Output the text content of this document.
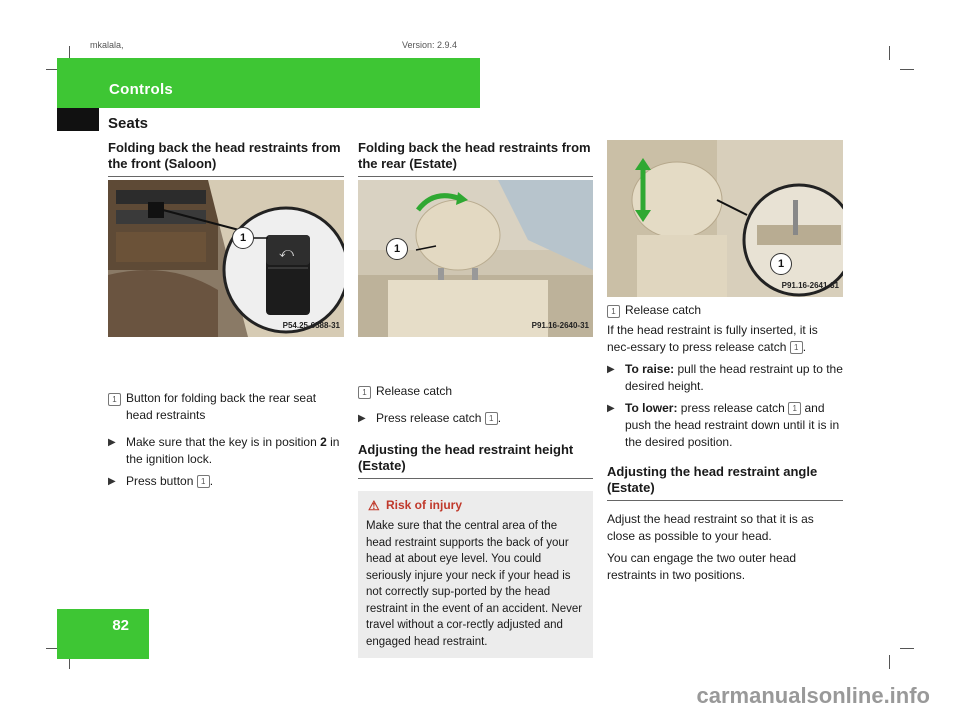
mkalala,	Version: 2.9.4
Controls
Seats
Folding back the head restraints from the front (Saloon)
⤺
1
P54.25-6588-31
1 Button for folding back the rear seat head restraints
▶ Make sure that the key is in position 2 in the ignition lock.
▶ Press button 1 .
Folding back the head restraints from the rear (Estate)
1
P91.16-2640-31
1 Release catch
▶ Press release catch 1 .
Adjusting the head restraint height (Estate)
⚠ Risk of injury
Make sure that the central area of the head restraint supports the back of your head at about eye level. You could seriously injure your neck if your head is not correctly sup-ported by the head restraint in the event of an accident. Never travel without a cor-rectly adjusted and engaged head restraint.
1
P91.16-2641-31
1 Release catch

If the head restraint is fully inserted, it is nec-essary to press release catch 1 .

▶ To raise: pull the head restraint up to the desired height.
▶ To lower: press release catch 1 and push the head restraint down until it is in the desired position.
Adjusting the head restraint angle (Estate)

Adjust the head restraint so that it is as close as possible to your head.

You can engage the two outer head restraints in two positions.

82
carmanualsonline.info
